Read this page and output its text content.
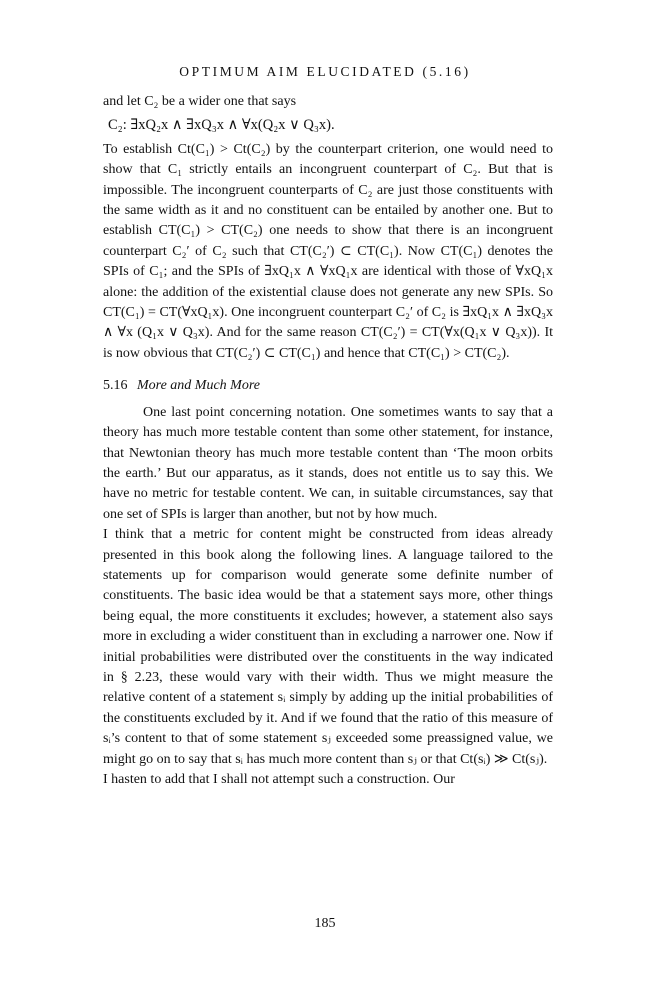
OPTIMUM AIM ELUCIDATED (5.16)

and let C₂ be a wider one that says

C₂: ∃xQ₂x ∧ ∃xQ₃x ∧ ∀x(Q₂x ∨ Q₃x).

To establish Ct(C₁) > Ct(C₂) by the counterpart criterion, one would need to show that C₁ strictly entails an incongruent counterpart of C₂. But that is impossible. The incongruent counterparts of C₂ are just those constituents with the same width as it and no constituent can be entailed by another one. But to establish CT(C₁) > CT(C₂) one needs to show that there is an incongruent counterpart C₂′ of C₂ such that CT(C₂′) ⊂ CT(C₁). Now CT(C₁) denotes the SPIs of C₁; and the SPIs of ∃xQ₁x ∧ ∀xQ₁x are identical with those of ∀xQ₁x alone: the addition of the existential clause does not generate any new SPIs. So CT(C₁) = CT(∀xQ₁x). One incongruent counterpart C₂′ of C₂ is ∃xQ₁x ∧ ∃xQ₃x ∧ ∀x (Q₁x ∨ Q₃x). And for the same reason CT(C₂′) = CT(∀x(Q₁x ∨ Q₃x)). It is now obvious that CT(C₂′) ⊂ CT(C₁) and hence that CT(C₁) > CT(C₂).

5.16 More and Much More

One last point concerning notation. One sometimes wants to say that a theory has much more testable content than some other statement, for instance, that Newtonian theory has much more testable content than ‘The moon orbits the earth.’ But our apparatus, as it stands, does not entitle us to say this. We have no metric for testable content. We can, in suitable circumstances, say that one set of SPIs is larger than another, but not by how much.

I think that a metric for content might be constructed from ideas already presented in this book along the following lines. A language tailored to the statements up for comparison would generate some definite number of constituents. The basic idea would be that a statement says more, other things being equal, the more constituents it excludes; however, a statement also says more in excluding a wider constituent than in excluding a narrower one. Now if initial probabilities were distributed over the constituents in the way indicated in § 2.23, these would vary with their width. Thus we might measure the relative content of a statement sᵢ simply by adding up the initial probabilities of the constituents excluded by it. And if we found that the ratio of this measure of sᵢ’s content to that of some statement sⱼ exceeded some preassigned value, we might go on to say that sᵢ has much more content than sⱼ or that Ct(sᵢ) ≫ Ct(sⱼ).

I hasten to add that I shall not attempt such a construction. Our

185
